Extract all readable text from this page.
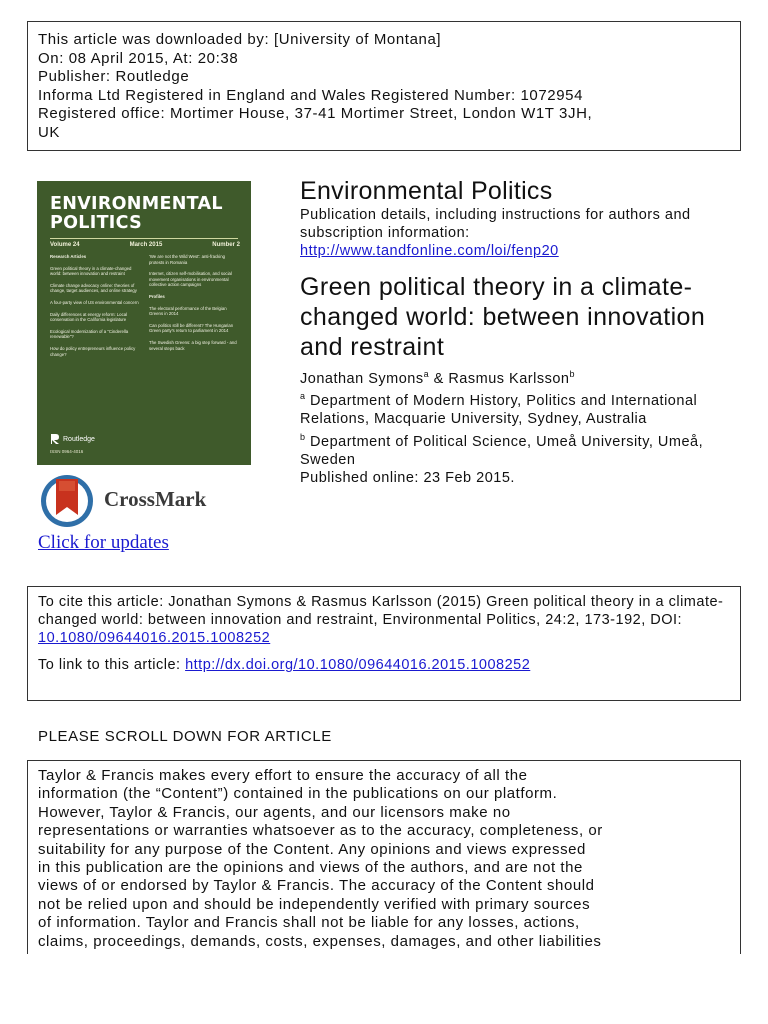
This article was downloaded by: [University of Montana]
On: 08 April 2015, At: 20:38
Publisher: Routledge
Informa Ltd Registered in England and Wales Registered Number: 1072954
Registered office: Mortimer House, 37-41 Mortimer Street, London W1T 3JH,
UK
ENVIRONMENTAL
POLITICS
Volume 24	March 2015	Number 2

Research Articles

Green political theory in a climate-changed world: between innovation and restraint

Climate change advocacy online: theories of change, target audiences, and online strategy

A four-party view of US environmental concern

Daily differences at energy reform: Local conservation in the California legislature

Ecological modernization of a "Cinderella renewable"?

How do policy entrepreneurs influence policy change?

'We are not the Wild West': anti-fracking protests in Romania

Internet, citizen self-mobilisation, and social movement organisations in environmental collective action campaigns

Profiles

The electoral performance of the Belgian Greens in 2014

Can politics still be different? The Hungarian Green party's return to parliament in 2014

The Swedish Greens: a big step forward - and several steps back

Routledge
ISSN 0964-4016
CrossMark
Click for updates
Environmental Politics
Publication details, including instructions for authors and subscription information:
http://www.tandfonline.com/loi/fenp20
Green political theory in a climate-changed world: between innovation and restraint
Jonathan Symons$^a$ & Rasmus Karlsson$^b$
$^a$ Department of Modern History, Politics and International Relations, Macquarie University, Sydney, Australia
$^b$ Department of Political Science, Umeå University, Umeå, Sweden
Published online: 23 Feb 2015.
To cite this article: Jonathan Symons & Rasmus Karlsson (2015) Green political theory in a climate-changed world: between innovation and restraint, Environmental Politics, 24:2, 173-192, DOI: 10.1080/09644016.2015.1008252
To link to this article: http://dx.doi.org/10.1080/09644016.2015.1008252
PLEASE SCROLL DOWN FOR ARTICLE
Taylor & Francis makes every effort to ensure the accuracy of all the
information (the “Content”) contained in the publications on our platform.
However, Taylor & Francis, our agents, and our licensors make no
representations or warranties whatsoever as to the accuracy, completeness, or
suitability for any purpose of the Content. Any opinions and views expressed
in this publication are the opinions and views of the authors, and are not the
views of or endorsed by Taylor & Francis. The accuracy of the Content should
not be relied upon and should be independently verified with primary sources
of information. Taylor and Francis shall not be liable for any losses, actions,
claims, proceedings, demands, costs, expenses, damages, and other liabilities
